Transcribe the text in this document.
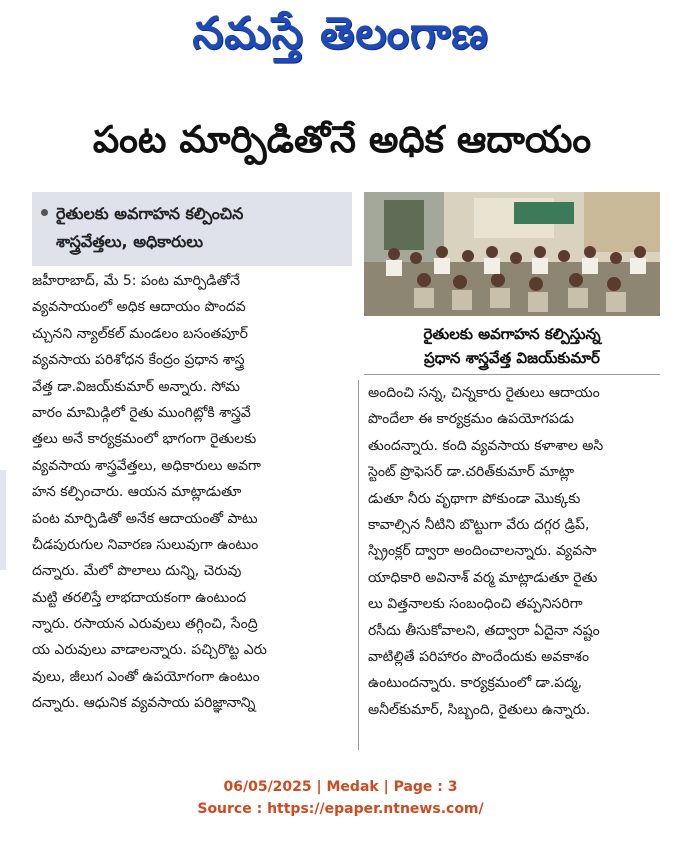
నమస్తే తెలంగాణ
పంట మార్పిడితోనే అధిక ఆదాయం
రైతులకు అవగాహన కల్పించిన
శాస్త్రవేత్తలు, అధికారులు
జహీరాబాద్, మే 5: పంట మార్పిడితోనే
వ్యవసాయంలో అధిక ఆదాయం పొందవ
చ్చునని న్యాల్‌కల్ మండలం బసంతపూర్
వ్యవసాయ పరిశోధన కేంద్రం ప్రధాన శాస్త్ర
వేత్త డా.విజయ్‌కుమార్ అన్నారు. సోమ
వారం మామిడ్గిలో రైతు ముంగిట్లోకి శాస్త్రవే
త్తలు అనే కార్యక్రమంలో భాగంగా రైతులకు
వ్యవసాయ శాస్త్రవేత్తలు, అధికారులు అవగా
హన కల్పించారు. ఆయన మాట్లాడుతూ
పంట మార్పిడితో అనేక ఆదాయంతో పాటు
చీడపురుగుల నివారణ సులువుగా ఉంటుం
దన్నారు. మేలో పొలాలు దున్ని, చెరువు
మట్టి తరలిస్తే లాభదాయకంగా ఉంటుంద
న్నారు. రసాయన ఎరువులు తగ్గించి, సేంద్రి
య ఎరువులు వాడాలన్నారు. పచ్చిరొట్ట ఎరు
వులు, జీలుగ ఎంతో ఉపయోగంగా ఉంటుం
దన్నారు. ఆధునిక వ్యవసాయ పరిజ్ఞానాన్ని
రైతులకు అవగాహన కల్పిస్తున్న
ప్రధాన శాస్త్రవేత్త విజయ్‌కుమార్
అందించి సన్న, చిన్నకారు రైతులు ఆదాయం
పొందేలా ఈ కార్యక్రమం ఉపయోగపడు
తుందన్నారు. కంది వ్యవసాయ కళాశాల అసి
స్టెంట్ ప్రొఫెసర్ డా.చరిత్‌కుమార్ మాట్లా
డుతూ నీరు వృథాగా పోకుండా మొక్కకు
కావాల్సిన నీటిని బొట్టుగా వేరు దగ్గర డ్రిప్,
స్ప్రింక్లర్ ద్వారా అందించాలన్నారు. వ్యవసా
యాధికారి అవినాశ్ వర్మ మాట్లాడుతూ రైతు
లు విత్తనాలకు సంబంధించి తప్పనిసరిగా
రసీదు తీసుకోవాలని, తద్వారా ఏదైనా నష్టం
వాటిల్లితే పరిహారం పొందేందుకు అవకాశం
ఉంటుందన్నారు. కార్యక్రమంలో డా.పద్మ,
అనీల్‌కుమార్, సిబ్బంది, రైతులు ఉన్నారు.
06/05/2025 | Medak | Page : 3
Source : https://epaper.ntnews.com/
